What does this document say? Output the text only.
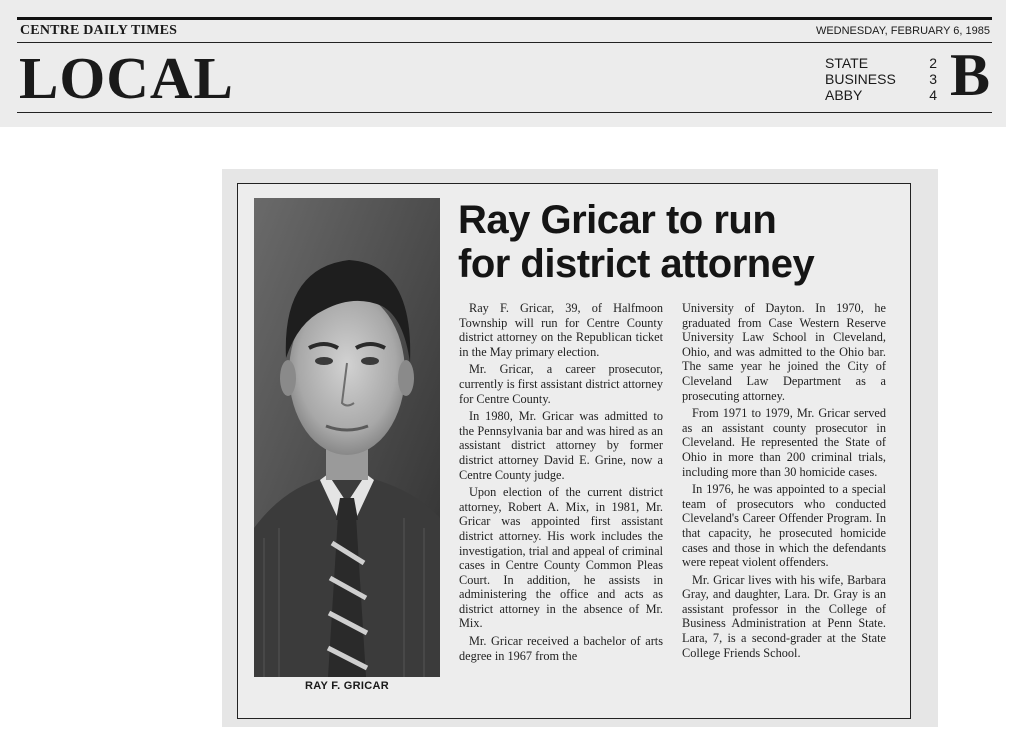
CENTRE DAILY TIMES	WEDNESDAY, FEBRUARY 6, 1985
LOCAL	STATE	2
BUSINESS 3
ABBY	4 B
RAY F. GRICAR
Ray Gricar to run
for district attorney

Ray F. Gricar, 39, of Halfmoon Township will run for Centre County district attorney on the Republican ticket in the May primary election.

Mr. Gricar, a career prosecutor, currently is first assistant district attorney for Centre County.

In 1980, Mr. Gricar was admitted to the Pennsylvania bar and was hired as an assistant district attorney by former district attorney David E. Grine, now a Centre County judge.

Upon election of the current district attorney, Robert A. Mix, in 1981, Mr. Gricar was appointed first assistant district attorney. His work includes the investigation, trial and appeal of criminal cases in Centre County Common Pleas Court. In addition, he assists in administering the office and acts as district attorney in the absence of Mr. Mix.

Mr. Gricar received a bachelor of arts degree in 1967 from the

University of Dayton. In 1970, he graduated from Case Western Reserve University Law School in Cleveland, Ohio, and was admitted to the Ohio bar. The same year he joined the City of Cleveland Law Department as a prosecuting attorney.

From 1971 to 1979, Mr. Gricar served as an assistant county prosecutor in Cleveland. He represented the State of Ohio in more than 200 criminal trials, including more than 30 homicide cases.

In 1976, he was appointed to a special team of prosecutors who conducted Cleveland's Career Offender Program. In that capacity, he prosecuted homicide cases and those in which the defendants were repeat violent offenders.

Mr. Gricar lives with his wife, Barbara Gray, and daughter, Lara. Dr. Gray is an assistant professor in the College of Business Administration at Penn State. Lara, 7, is a second-grader at the State College Friends School.
